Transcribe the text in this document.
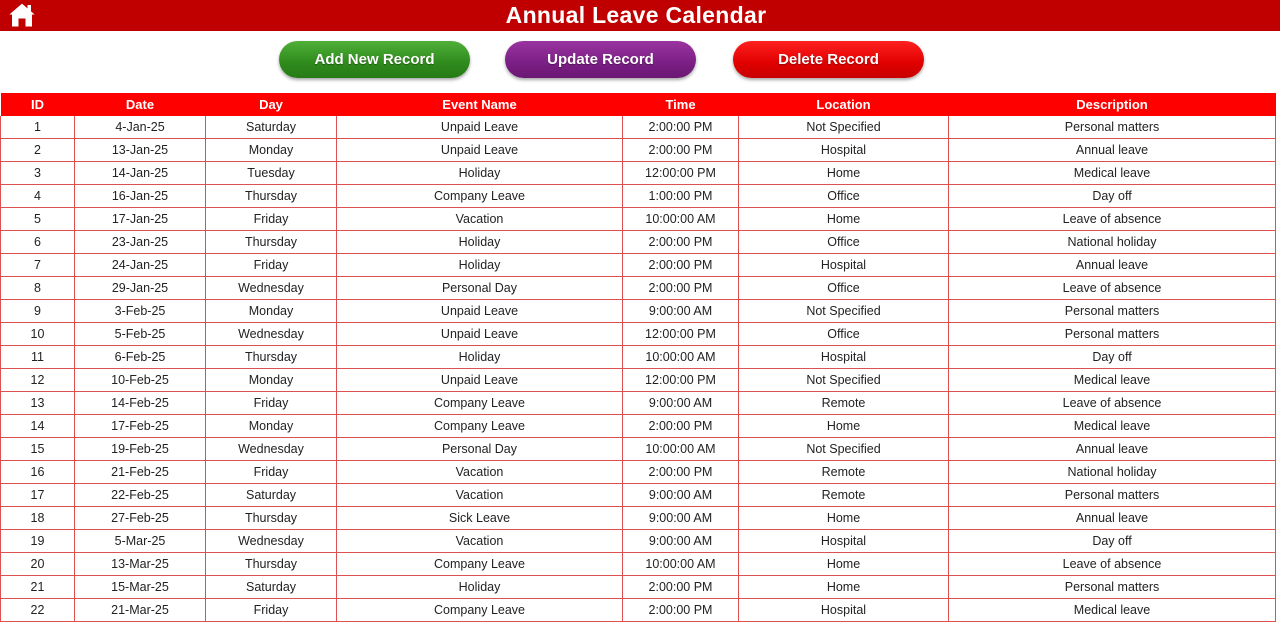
Annual Leave Calendar
Add New Record	Update Record	Delete Record
ID	Date	Day	Event Name	Time	Location	Description
1	4-Jan-25	Saturday	Unpaid Leave	2:00:00 PM	Not Specified	Personal matters
2	13-Jan-25	Monday	Unpaid Leave	2:00:00 PM	Hospital	Annual leave
3	14-Jan-25	Tuesday	Holiday	12:00:00 PM	Home	Medical leave
4	16-Jan-25	Thursday	Company Leave	1:00:00 PM	Office	Day off
5	17-Jan-25	Friday	Vacation	10:00:00 AM	Home	Leave of absence
6	23-Jan-25	Thursday	Holiday	2:00:00 PM	Office	National holiday
7	24-Jan-25	Friday	Holiday	2:00:00 PM	Hospital	Annual leave
8	29-Jan-25	Wednesday	Personal Day	2:00:00 PM	Office	Leave of absence
9	3-Feb-25	Monday	Unpaid Leave	9:00:00 AM	Not Specified	Personal matters
10	5-Feb-25	Wednesday	Unpaid Leave	12:00:00 PM	Office	Personal matters
11	6-Feb-25	Thursday	Holiday	10:00:00 AM	Hospital	Day off
12	10-Feb-25	Monday	Unpaid Leave	12:00:00 PM	Not Specified	Medical leave
13	14-Feb-25	Friday	Company Leave	9:00:00 AM	Remote	Leave of absence
14	17-Feb-25	Monday	Company Leave	2:00:00 PM	Home	Medical leave
15	19-Feb-25	Wednesday	Personal Day	10:00:00 AM	Not Specified	Annual leave
16	21-Feb-25	Friday	Vacation	2:00:00 PM	Remote	National holiday
17	22-Feb-25	Saturday	Vacation	9:00:00 AM	Remote	Personal matters
18	27-Feb-25	Thursday	Sick Leave	9:00:00 AM	Home	Annual leave
19	5-Mar-25	Wednesday	Vacation	9:00:00 AM	Hospital	Day off
20	13-Mar-25	Thursday	Company Leave	10:00:00 AM	Home	Leave of absence
21	15-Mar-25	Saturday	Holiday	2:00:00 PM	Home	Personal matters
22	21-Mar-25	Friday	Company Leave	2:00:00 PM	Hospital	Medical leave
